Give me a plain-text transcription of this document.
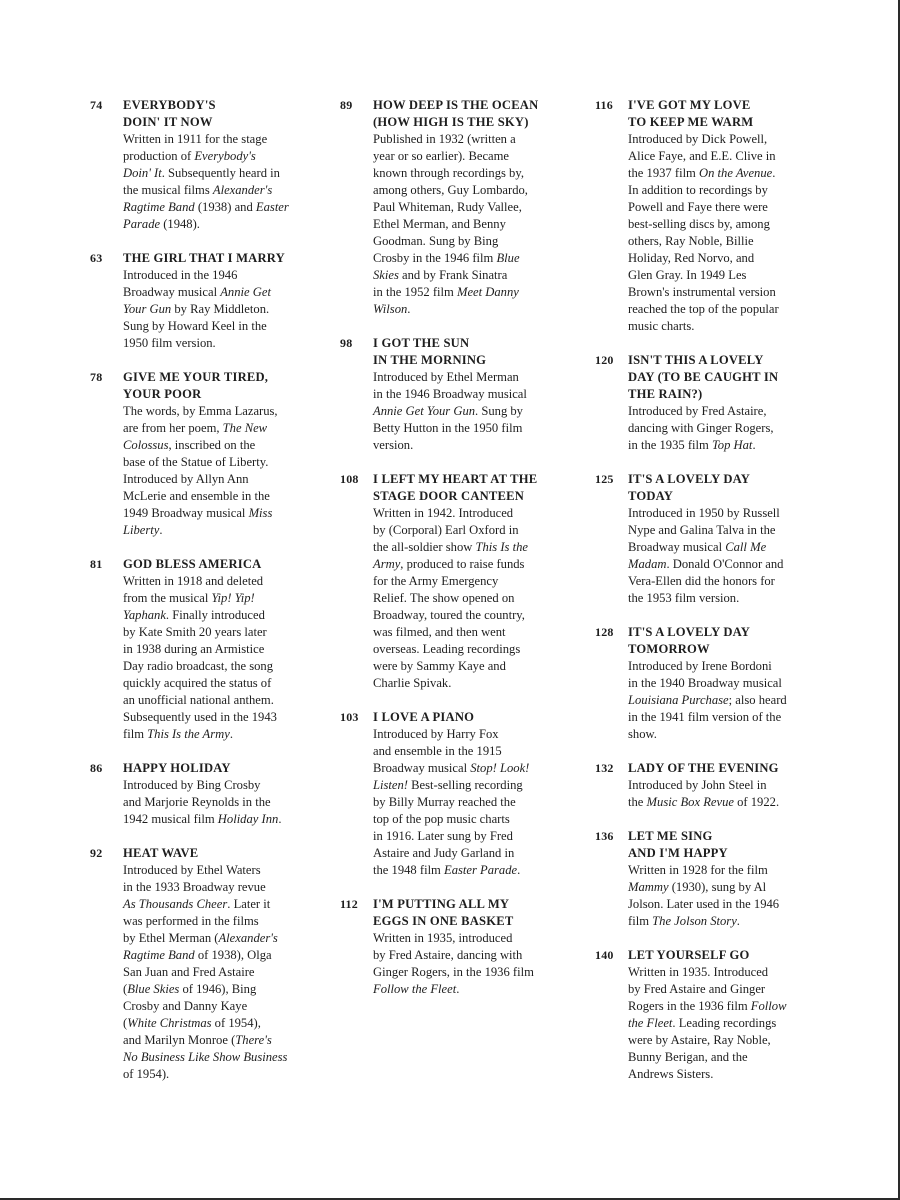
74 EVERYBODY'S
DOIN' IT NOW
Written in 1911 for the stage
production of Everybody's
Doin' It. Subsequently heard in
the musical films Alexander's
Ragtime Band (1938) and Easter
Parade (1948).
63 THE GIRL THAT I MARRY
Introduced in the 1946
Broadway musical Annie Get
Your Gun by Ray Middleton.
Sung by Howard Keel in the
1950 film version.
78 GIVE ME YOUR TIRED,
YOUR POOR
The words, by Emma Lazarus,
are from her poem, The New
Colossus, inscribed on the
base of the Statue of Liberty.
Introduced by Allyn Ann
McLerie and ensemble in the
1949 Broadway musical Miss
Liberty.
81 GOD BLESS AMERICA
Written in 1918 and deleted
from the musical Yip! Yip!
Yaphank. Finally introduced
by Kate Smith 20 years later
in 1938 during an Armistice
Day radio broadcast, the song
quickly acquired the status of
an unofficial national anthem.
Subsequently used in the 1943
film This Is the Army.
86 HAPPY HOLIDAY
Introduced by Bing Crosby
and Marjorie Reynolds in the
1942 musical film Holiday Inn.
92 HEAT WAVE
Introduced by Ethel Waters
in the 1933 Broadway revue
As Thousands Cheer. Later it
was performed in the films
by Ethel Merman (Alexander's
Ragtime Band of 1938), Olga
San Juan and Fred Astaire
(Blue Skies of 1946), Bing
Crosby and Danny Kaye
(White Christmas of 1954),
and Marilyn Monroe (There's
No Business Like Show Business
of 1954).
89 HOW DEEP IS THE OCEAN
(HOW HIGH IS THE SKY)
Published in 1932 (written a
year or so earlier). Became
known through recordings by,
among others, Guy Lombardo,
Paul Whiteman, Rudy Vallee,
Ethel Merman, and Benny
Goodman. Sung by Bing
Crosby in the 1946 film Blue
Skies and by Frank Sinatra
in the 1952 film Meet Danny
Wilson.
98 I GOT THE SUN
IN THE MORNING
Introduced by Ethel Merman
in the 1946 Broadway musical
Annie Get Your Gun. Sung by
Betty Hutton in the 1950 film
version.
108 I LEFT MY HEART AT THE
STAGE DOOR CANTEEN
Written in 1942. Introduced
by (Corporal) Earl Oxford in
the all-soldier show This Is the
Army, produced to raise funds
for the Army Emergency
Relief. The show opened on
Broadway, toured the country,
was filmed, and then went
overseas. Leading recordings
were by Sammy Kaye and
Charlie Spivak.
103 I LOVE A PIANO
Introduced by Harry Fox
and ensemble in the 1915
Broadway musical Stop! Look!
Listen! Best-selling recording
by Billy Murray reached the
top of the pop music charts
in 1916. Later sung by Fred
Astaire and Judy Garland in
the 1948 film Easter Parade.
112 I'M PUTTING ALL MY
EGGS IN ONE BASKET
Written in 1935, introduced
by Fred Astaire, dancing with
Ginger Rogers, in the 1936 film
Follow the Fleet.
116 I'VE GOT MY LOVE
TO KEEP ME WARM
Introduced by Dick Powell,
Alice Faye, and E.E. Clive in
the 1937 film On the Avenue.
In addition to recordings by
Powell and Faye there were
best-selling discs by, among
others, Ray Noble, Billie
Holiday, Red Norvo, and
Glen Gray. In 1949 Les
Brown's instrumental version
reached the top of the popular
music charts.
120 ISN'T THIS A LOVELY
DAY (TO BE CAUGHT IN
THE RAIN?)
Introduced by Fred Astaire,
dancing with Ginger Rogers,
in the 1935 film Top Hat.
125 IT'S A LOVELY DAY
TODAY
Introduced in 1950 by Russell
Nype and Galina Talva in the
Broadway musical Call Me
Madam. Donald O'Connor and
Vera-Ellen did the honors for
the 1953 film version.
128 IT'S A LOVELY DAY
TOMORROW
Introduced by Irene Bordoni
in the 1940 Broadway musical
Louisiana Purchase; also heard
in the 1941 film version of the
show.
132 LADY OF THE EVENING
Introduced by John Steel in
the Music Box Revue of 1922.
136 LET ME SING
AND I'M HAPPY
Written in 1928 for the film
Mammy (1930), sung by Al
Jolson. Later used in the 1946
film The Jolson Story.
140 LET YOURSELF GO
Written in 1935. Introduced
by Fred Astaire and Ginger
Rogers in the 1936 film Follow
the Fleet. Leading recordings
were by Astaire, Ray Noble,
Bunny Berigan, and the
Andrews Sisters.
